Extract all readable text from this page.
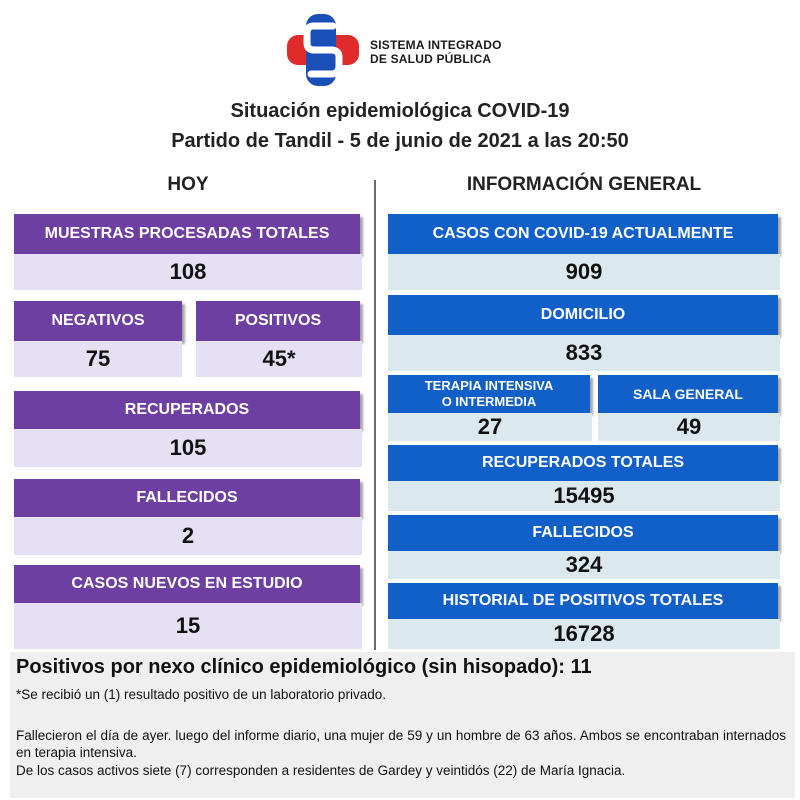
SISTEMA INTEGRADO
DE SALUD PÚBLICA
Situación epidemiológica COVID-19
Partido de Tandil - 5 de junio de 2021 a las 20:50
HOY	INFORMACIÓN GENERAL
MUESTRAS PROCESADAS TOTALES
108
NEGATIVOS
75
POSITIVOS
45*
RECUPERADOS
105
FALLECIDOS
2
CASOS NUEVOS EN ESTUDIO
15
CASOS CON COVID-19 ACTUALMENTE
909
DOMICILIO
833
TERAPIA INTENSIVA
O INTERMEDIA
27
SALA GENERAL
49
RECUPERADOS TOTALES
15495
FALLECIDOS
324
HISTORIAL DE POSITIVOS TOTALES
16728
Positivos por nexo clínico epidemiológico (sin hisopado): 11
*Se recibió un (1) resultado positivo de un laboratorio privado.
Fallecieron el día de ayer. luego del informe diario, una mujer de 59 y un hombre de 63 años. Ambos se encontraban internados en terapia intensiva.
De los casos activos siete (7) corresponden a residentes de Gardey y veintidós (22) de María Ignacia.
